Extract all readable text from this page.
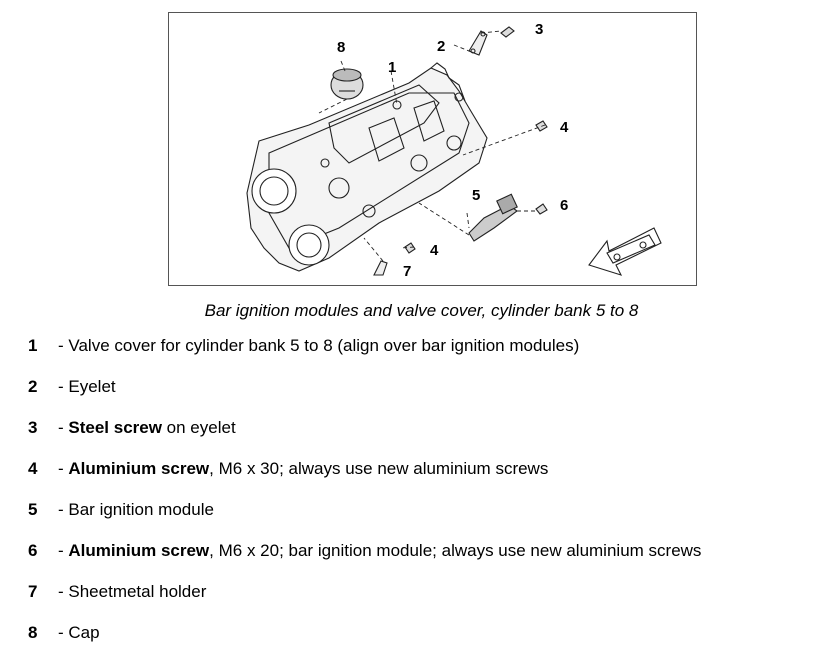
8	2
3
1
4
5
6
4
7
Bar ignition modules and valve cover, cylinder bank 5 to 8
1 - Valve cover for cylinder bank 5 to 8 (align over bar ignition modules)
2 - Eyelet
3 - Steel screw on eyelet
4 - Aluminium screw, M6 x 30; always use new aluminium screws
5 - Bar ignition module
6 - Aluminium screw, M6 x 20; bar ignition module; always use new aluminium screws
7 - Sheetmetal holder
8 - Cap
